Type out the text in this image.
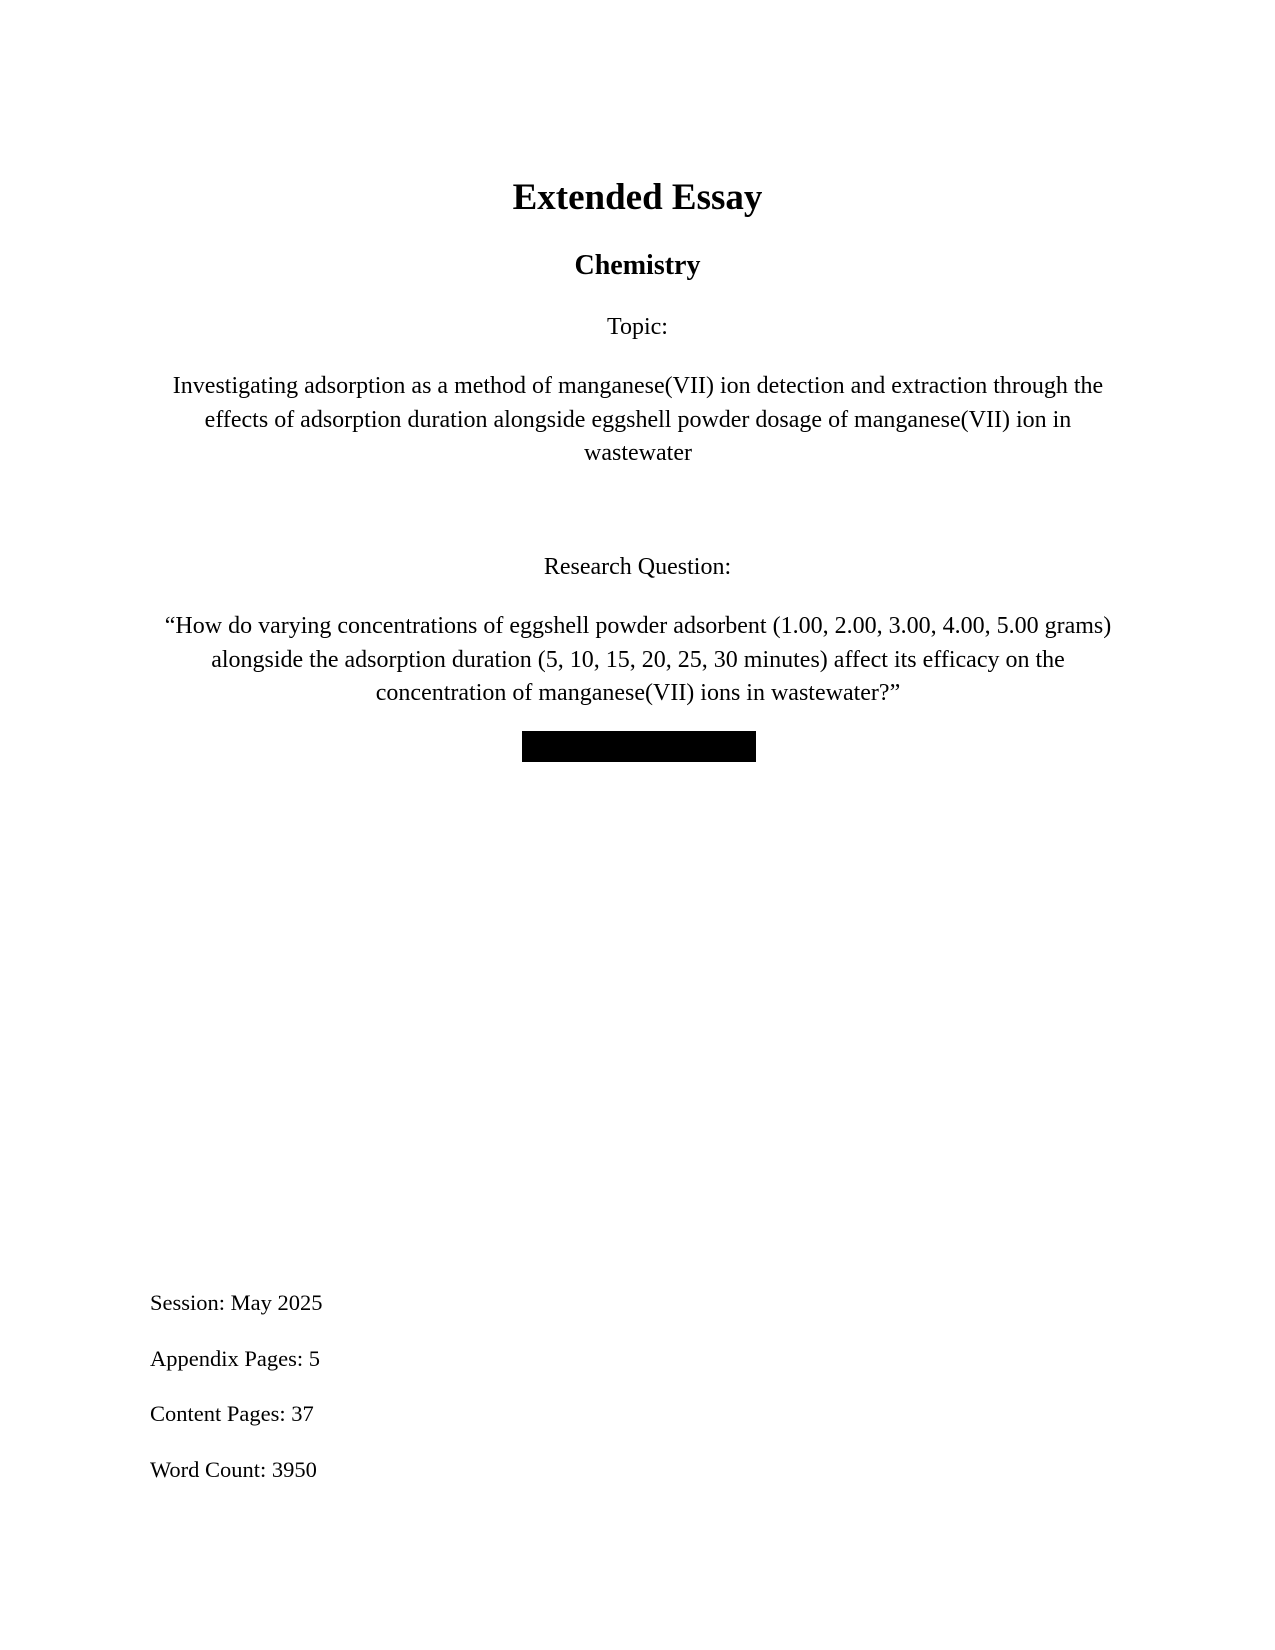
Extended Essay
Chemistry
Topic:
Investigating adsorption as a method of manganese(VII) ion detection and extraction through the effects of adsorption duration alongside eggshell powder dosage of manganese(VII) ion in wastewater
Research Question:
“How do varying concentrations of eggshell powder adsorbent (1.00, 2.00, 3.00, 4.00, 5.00 grams) alongside the adsorption duration (5, 10, 15, 20, 25, 30 minutes) affect its efficacy on the concentration of manganese(VII) ions in wastewater?”
Session: May 2025
Appendix Pages: 5
Content Pages: 37
Word Count: 3950
